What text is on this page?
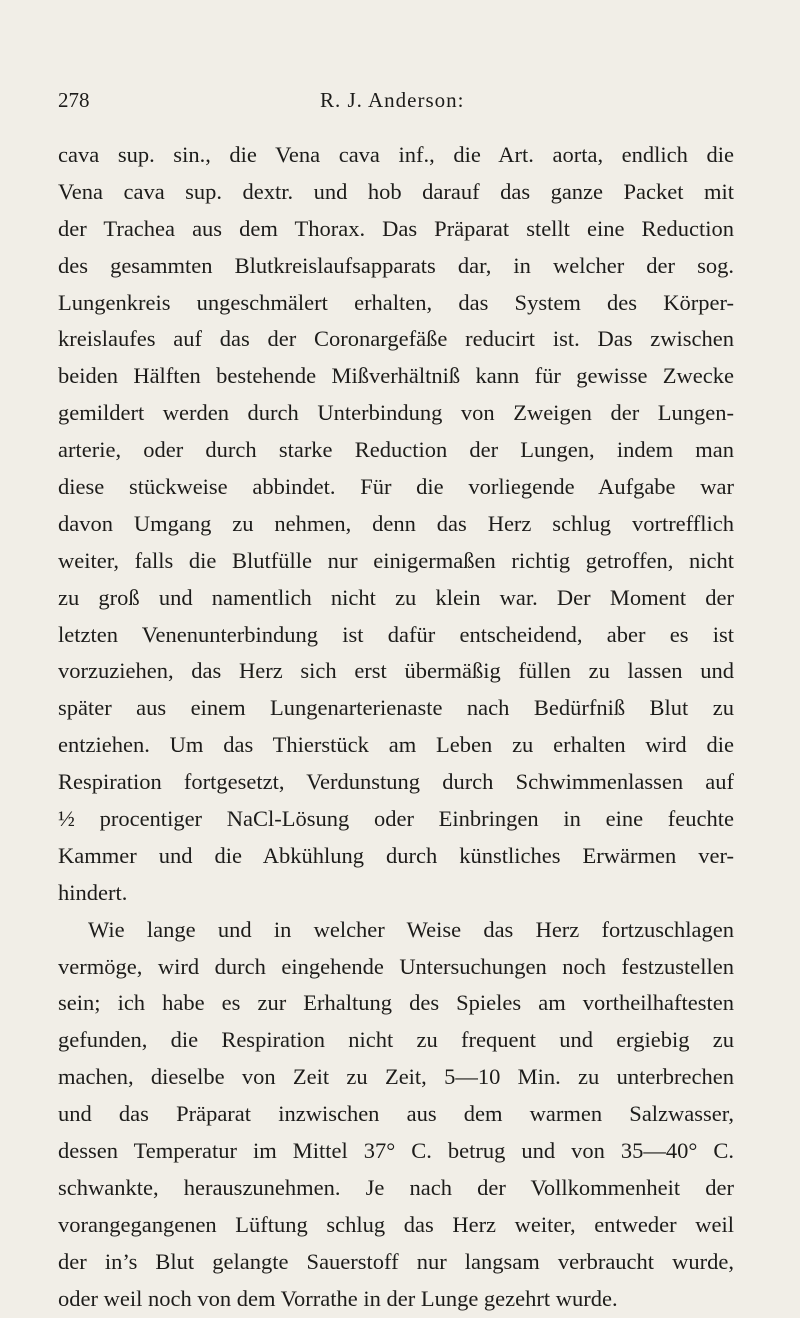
278	R. J. Anderson:
cava sup. sin., die Vena cava inf., die Art. aorta, endlich die
Vena cava sup. dextr. und hob darauf das ganze Packet mit
der Trachea aus dem Thorax. Das Präparat stellt eine Reduction
des gesammten Blutkreislaufsapparats dar, in welcher der sog.
Lungenkreis ungeschmälert erhalten, das System des Körper-
kreislaufes auf das der Coronargefäße reducirt ist. Das zwischen
beiden Hälften bestehende Mißverhältniß kann für gewisse Zwecke
gemildert werden durch Unterbindung von Zweigen der Lungen-
arterie, oder durch starke Reduction der Lungen, indem man
diese stückweise abbindet. Für die vorliegende Aufgabe war
davon Umgang zu nehmen, denn das Herz schlug vortrefflich
weiter, falls die Blutfülle nur einigermaßen richtig getroffen, nicht
zu groß und namentlich nicht zu klein war. Der Moment der
letzten Venenunterbindung ist dafür entscheidend, aber es ist
vorzuziehen, das Herz sich erst übermäßig füllen zu lassen und
später aus einem Lungenarterienaste nach Bedürfniß Blut zu
entziehen. Um das Thierstück am Leben zu erhalten wird die
Respiration fortgesetzt, Verdunstung durch Schwimmenlassen auf
½ procentiger NaCl-Lösung oder Einbringen in eine feuchte
Kammer und die Abkühlung durch künstliches Erwärmen ver-
hindert.
Wie lange und in welcher Weise das Herz fortzuschlagen
vermöge, wird durch eingehende Untersuchungen noch festzustellen
sein; ich habe es zur Erhaltung des Spieles am vortheilhaftesten
gefunden, die Respiration nicht zu frequent und ergiebig zu
machen, dieselbe von Zeit zu Zeit, 5—10 Min. zu unterbrechen
und das Präparat inzwischen aus dem warmen Salzwasser,
dessen Temperatur im Mittel 37° C. betrug und von 35—40° C.
schwankte, herauszunehmen. Je nach der Vollkommenheit der
vorangegangenen Lüftung schlug das Herz weiter, entweder weil
der in’s Blut gelangte Sauerstoff nur langsam verbraucht wurde,
oder weil noch von dem Vorrathe in der Lunge gezehrt wurde.
